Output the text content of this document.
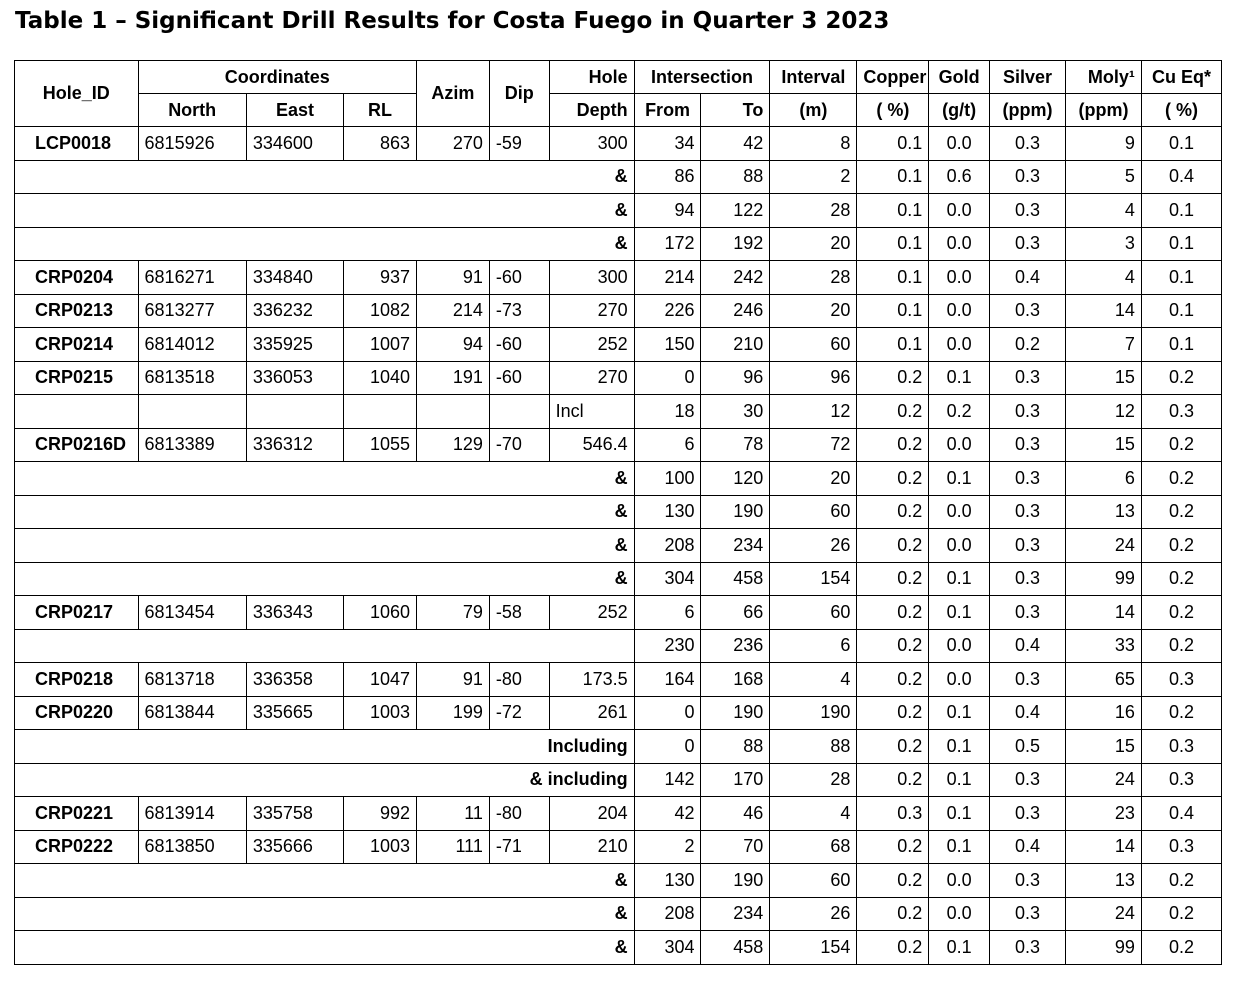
Table 1 – Significant Drill Results for Costa Fuego in Quarter 3 2023
Hole_ID	Coordinates			Azim	Dip	Hole	Intersection		Interval	Copper	Gold	Silver	Moly¹	Cu Eq*
	North	East	RL			Depth	From	To	(m)	( %)	(g/t)	(ppm)	(ppm)	( %)
LCP0018	6815926	334600	863	270	-59	300	34	42	8	0.1	0.0	0.3	9	0.1
&							86	88	2	0.1	0.6	0.3	5	0.4
&							94	122	28	0.1	0.0	0.3	4	0.1
&							172	192	20	0.1	0.0	0.3	3	0.1
CRP0204	6816271	334840	937	91	-60	300	214	242	28	0.1	0.0	0.4	4	0.1
CRP0213	6813277	336232	1082	214	-73	270	226	246	20	0.1	0.0	0.3	14	0.1
CRP0214	6814012	335925	1007	94	-60	252	150	210	60	0.1	0.0	0.2	7	0.1
CRP0215	6813518	336053	1040	191	-60	270	0	96	96	0.2	0.1	0.3	15	0.2
						Incl	18	30	12	0.2	0.2	0.3	12	0.3
CRP0216D	6813389	336312	1055	129	-70	546.4	6	78	72	0.2	0.0	0.3	15	0.2
&							100	120	20	0.2	0.1	0.3	6	0.2
&							130	190	60	0.2	0.0	0.3	13	0.2
&							208	234	26	0.2	0.0	0.3	24	0.2
&							304	458	154	0.2	0.1	0.3	99	0.2
CRP0217	6813454	336343	1060	79	-58	252	6	66	60	0.2	0.1	0.3	14	0.2
							230	236	6	0.2	0.0	0.4	33	0.2
CRP0218	6813718	336358	1047	91	-80	173.5	164	168	4	0.2	0.0	0.3	65	0.3
CRP0220	6813844	335665	1003	199	-72	261	0	190	190	0.2	0.1	0.4	16	0.2
Including							0	88	88	0.2	0.1	0.5	15	0.3
& including							142	170	28	0.2	0.1	0.3	24	0.3
CRP0221	6813914	335758	992	11	-80	204	42	46	4	0.3	0.1	0.3	23	0.4
CRP0222	6813850	335666	1003	111	-71	210	2	70	68	0.2	0.1	0.4	14	0.3
&							130	190	60	0.2	0.0	0.3	13	0.2
&							208	234	26	0.2	0.0	0.3	24	0.2
&							304	458	154	0.2	0.1	0.3	99	0.2
